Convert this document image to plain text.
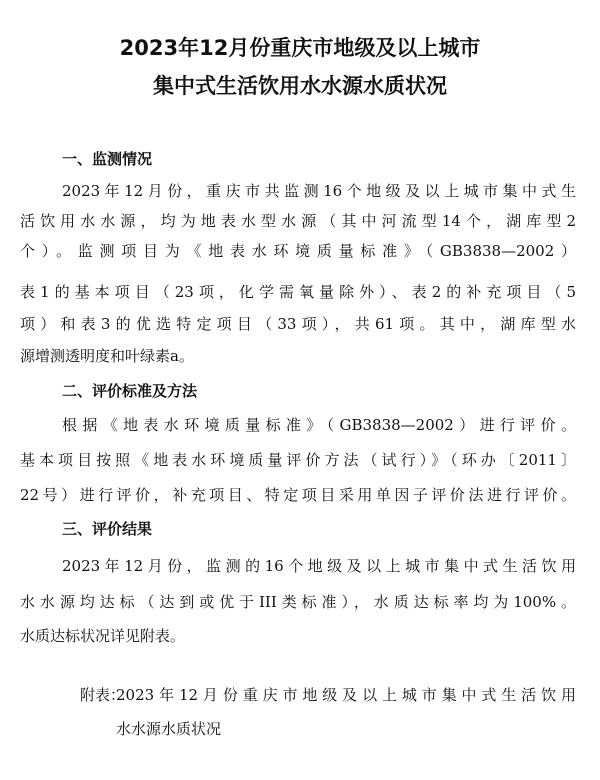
2023年12月份重庆市地级及以上城市
集中式生活饮用水水源水质状况
一、监测情况
2023年12月份，重庆市共监测16个地级及以上城市集中式生
活饮用水水源，均为地表水型水源（其中河流型14个，湖库型2
个）。监测项目为《地表水环境质量标准》（GB3838—2002）
表1的基本项目（23项，化学需氧量除外）、表2的补充项目（5
项）和表3的优选特定项目（33项），共61项。其中，湖库型水
源增测透明度和叶绿素a。
二、评价标准及方法
根据《地表水环境质量标准》（GB3838—2002）进行评价。
基本项目按照《地表水环境质量评价方法（试行）》（环办〔2011〕
22号）进行评价，补充项目、特定项目采用单因子评价法进行评价。
三、评价结果
2023年12月份，监测的16个地级及以上城市集中式生活饮用
水水源均达标（达到或优于III类标准），水质达标率均为100%。
水质达标状况详见附表。
附表：
2023年12月份重庆市地级及以上城市集中式生活饮用
水水源水质状况
